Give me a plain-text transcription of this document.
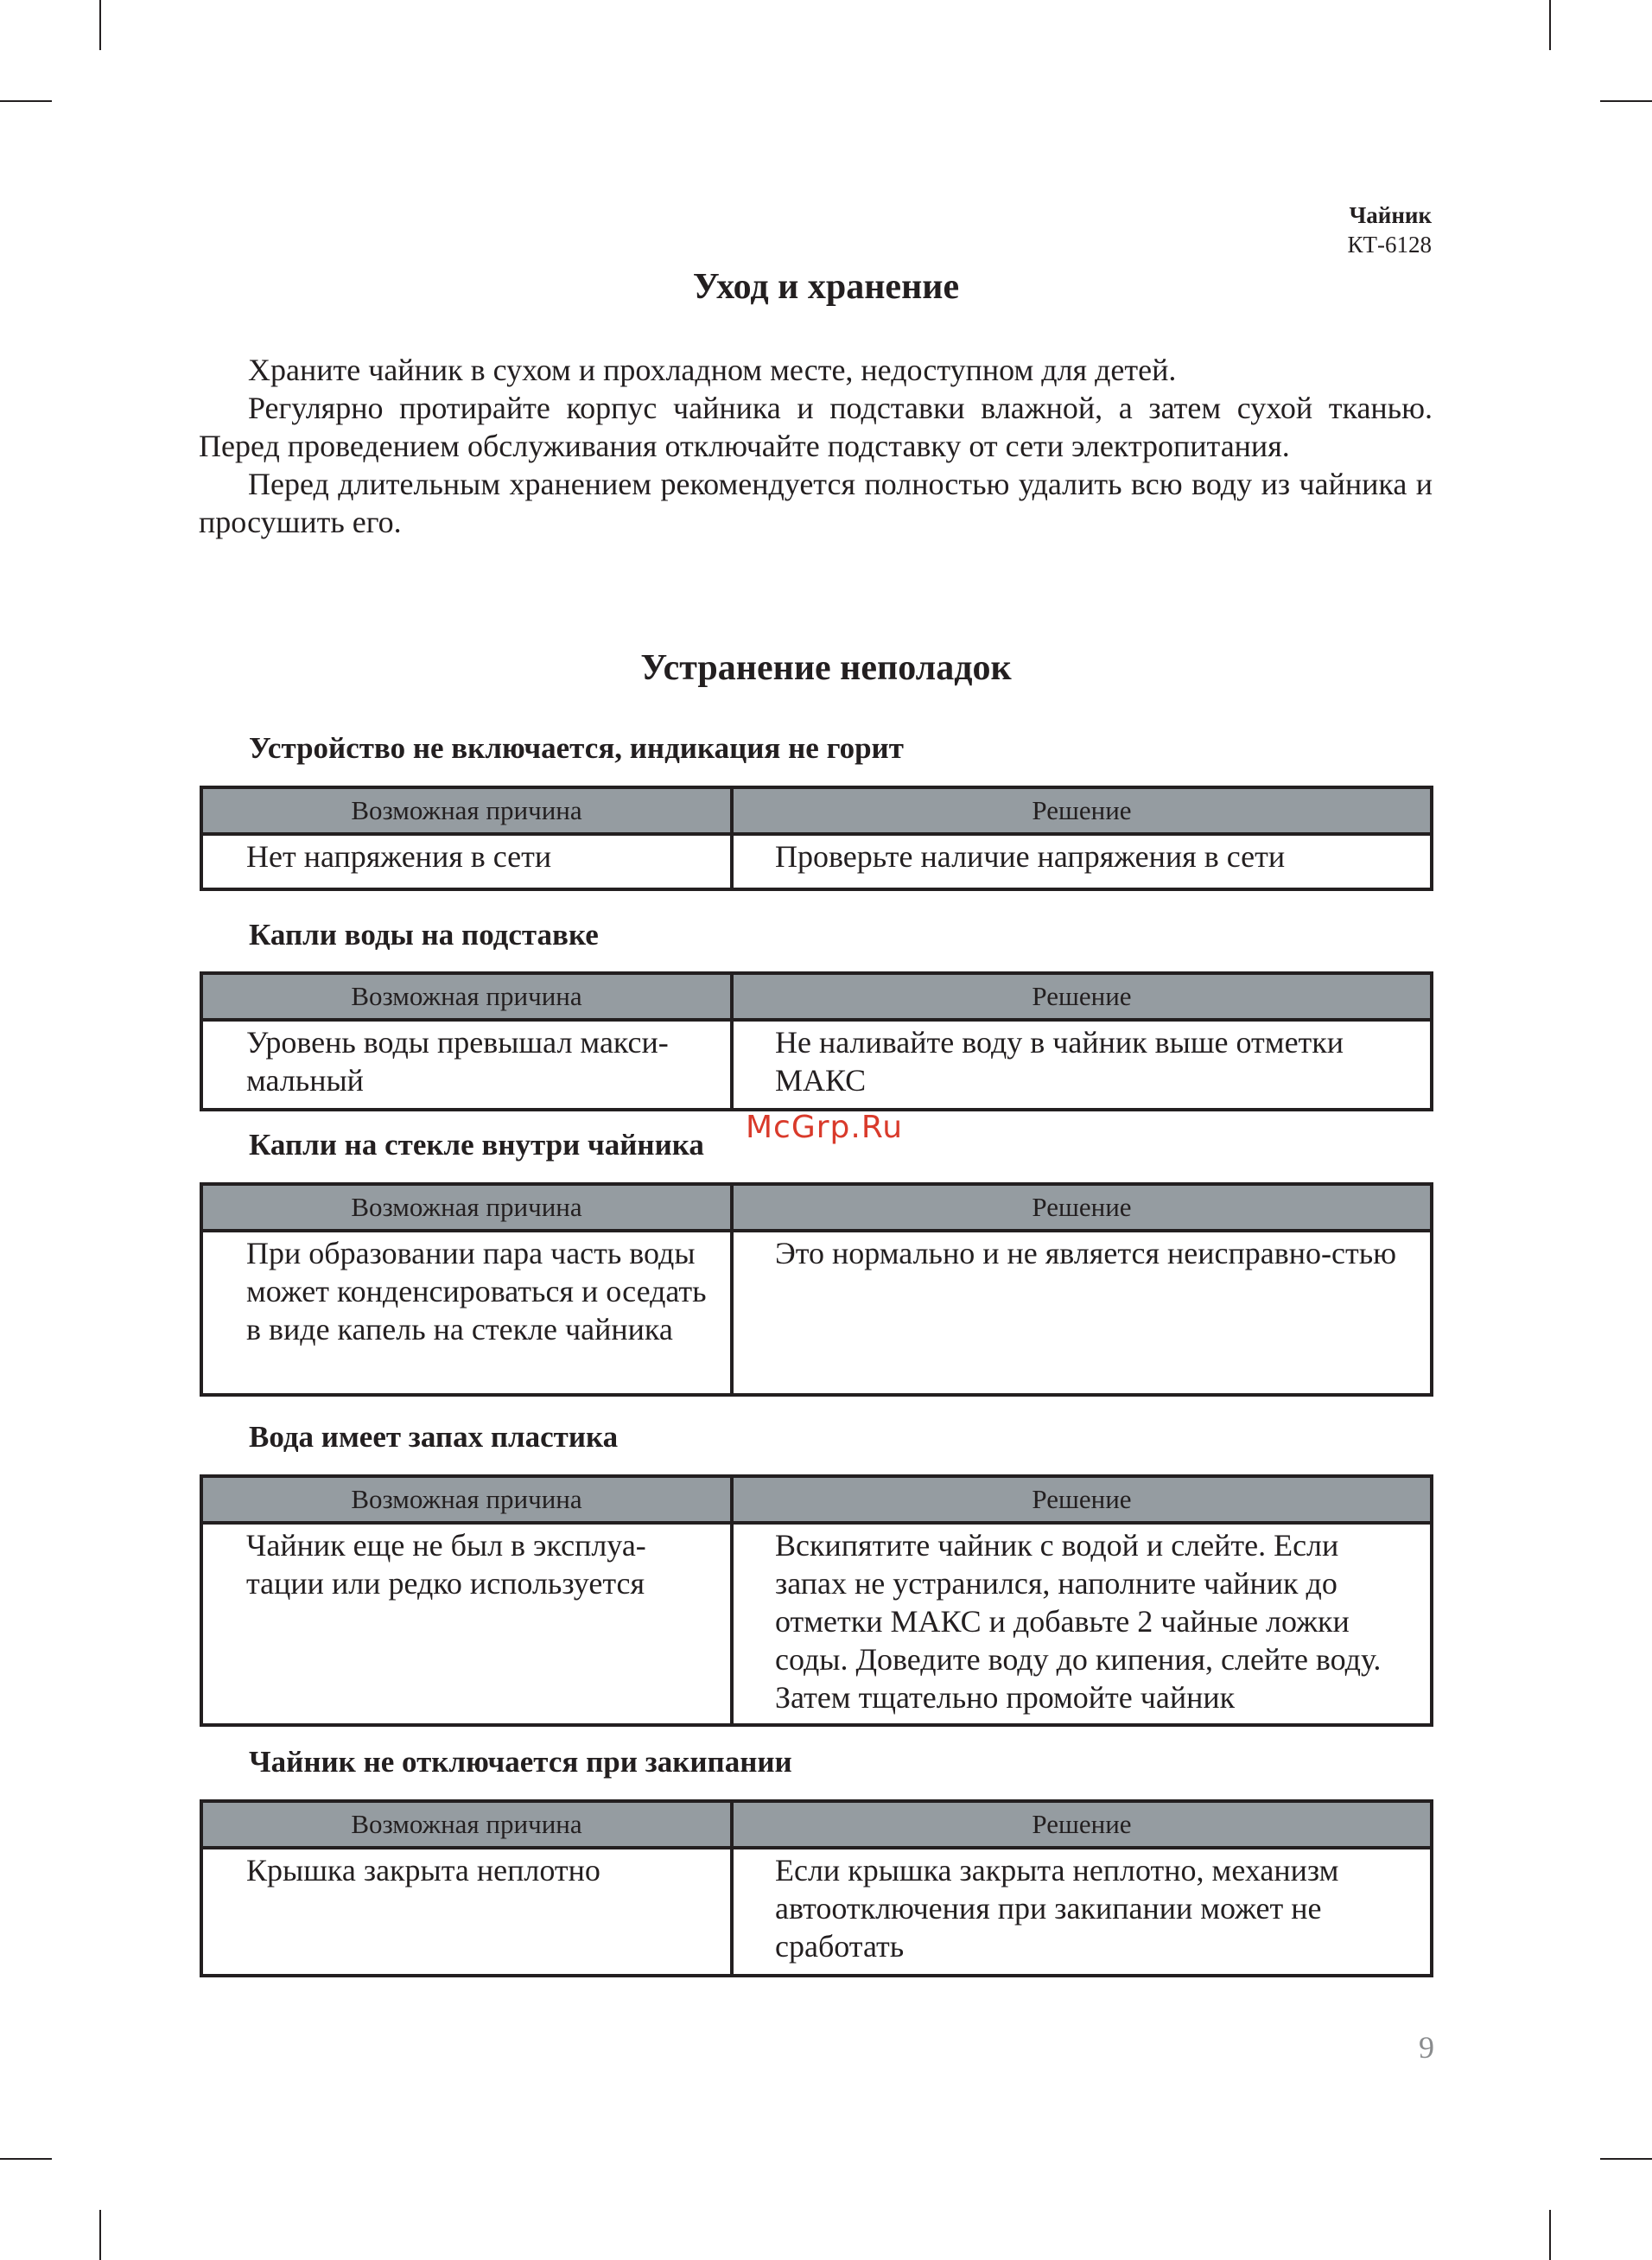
Чайник
КТ-6128
Уход и хранение

Храните чайник в сухом и прохладном месте, недоступном для детей.

Регулярно протирайте корпус чайника и подставки влажной, а затем сухой тканью. Перед проведением обслуживания отключайте подставку от сети электропитания.

Перед длительным хранением рекомендуется полностью удалить всю воду из чайника и просушить его.

Устранение неполадок
Устройство не включается, индикация не горит
Возможная причина	Решение
Нет напряжения в сети	Проверьте наличие напряжения в сети
Капли воды на подставке
Возможная причина	Решение
Уровень воды превышал макси-мальный	Не наливайте воду в чайник выше отметки МАКС
Капли на стекле внутри чайника
Возможная причина	Решение
При образовании пара часть воды может конденсироваться и оседать в виде капель на стекле чайника	Это нормально и не является неисправно-стью
Вода имеет запах пластика
Возможная причина	Решение
Чайник еще не был в эксплуа-тации или редко используется	Вскипятите чайник с водой и слейте. Если запах не устранился, наполните чайник до отметки МАКС и добавьте 2 чайные ложки соды. Доведите воду до кипения, слейте воду. Затем тщательно промойте чайник
Чайник не отключается при закипании
Возможная причина	Решение
Крышка закрыта неплотно	Если крышка закрыта неплотно, механизм автоотключения при закипании может не сработать
McGrp.Ru
9
